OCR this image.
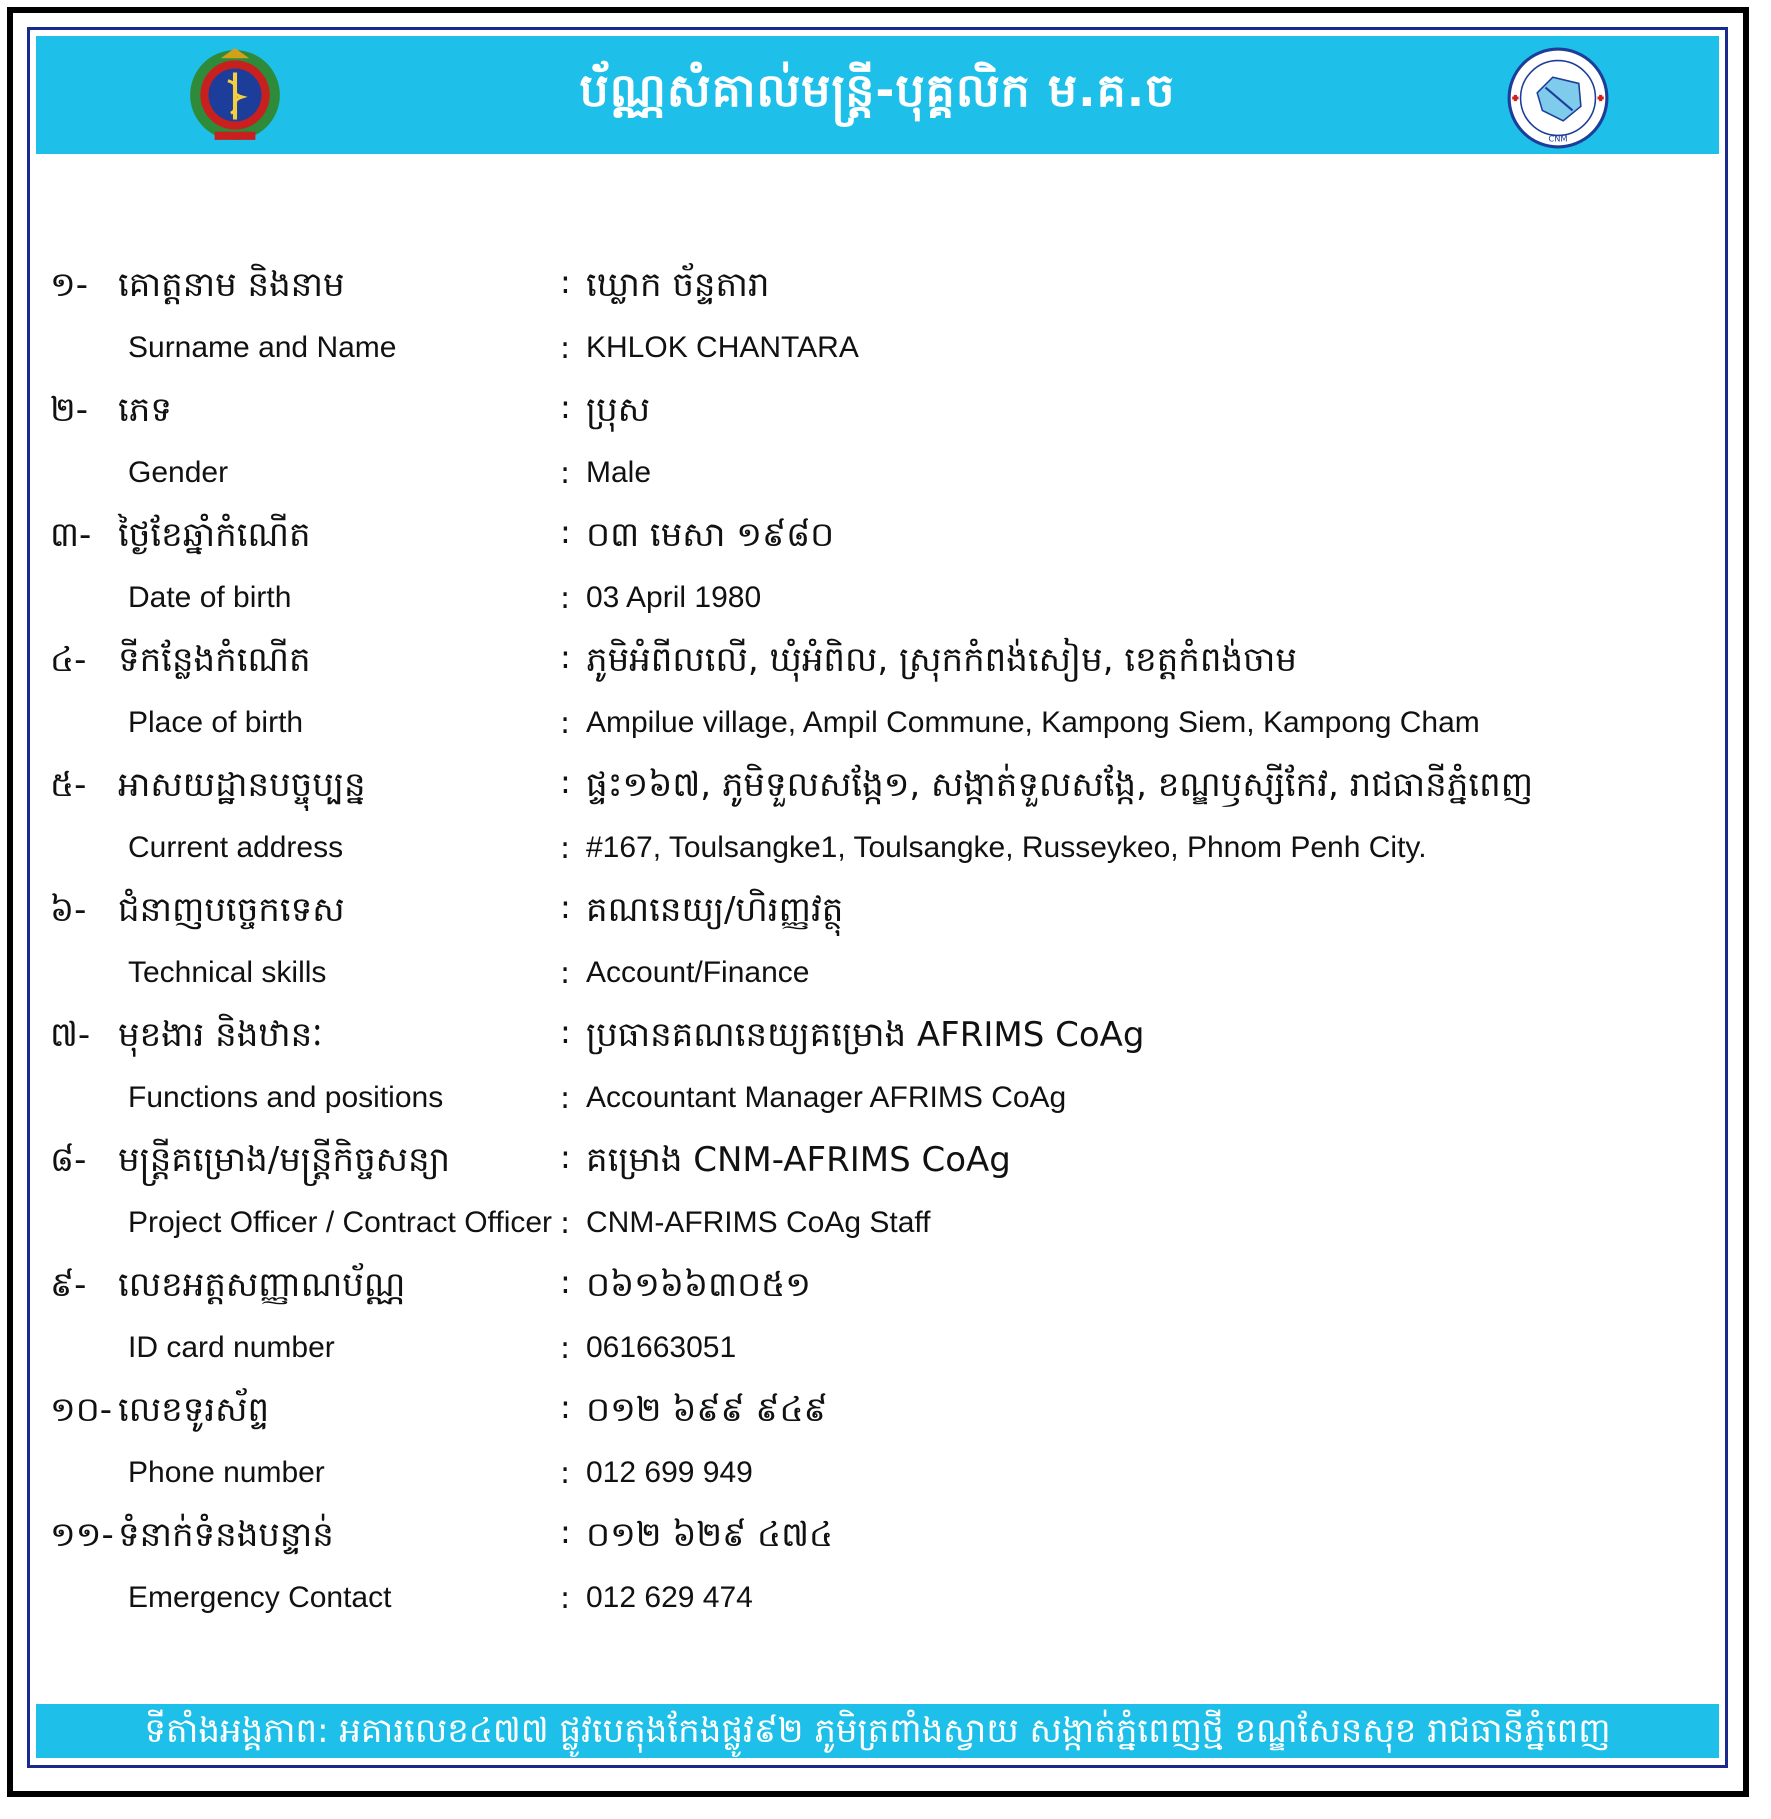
ប័ណ្ណសំគាល់មន្ត្រី-បុគ្គលិក ម.គ.ច
CNM
១- គោត្តនាម និងនាម	: ឃ្លោក ច័ន្ទតារា
Surname and Name	: KHLOK CHANTARA
២- ភេទ	: ប្រុស
Gender	: Male
៣- ថ្ងៃខែឆ្នាំកំណើត	: ០៣ មេសា ១៩៨០
Date of birth	: 03 April 1980
៤- ទីកន្លែងកំណើត	: ភូមិអំពីលលើ, ឃុំអំពិល, ស្រុកកំពង់សៀម, ខេត្តកំពង់ចាម
Place of birth	: Ampilue village, Ampil Commune, Kampong Siem, Kampong Cham
៥- អាសយដ្ឋានបច្ចុប្បន្ន	: ផ្ទះ១៦៧, ភូមិទួលសង្កែ១, សង្កាត់ទួលសង្កែ, ខណ្ឌឫស្សីកែវ, រាជធានីភ្នំពេញ
Current address	: #167, Toulsangke1, Toulsangke, Russeykeo, Phnom Penh City.
៦- ជំនាញបច្ចេកទេស	: គណនេយ្យ/ហិរញ្ញវត្ថុ
Technical skills	: Account/Finance
៧- មុខងារ និងឋានៈ	: ប្រធានគណនេយ្យគម្រោង AFRIMS CoAg
Functions and positions	: Accountant Manager AFRIMS CoAg
៨- មន្ត្រីគម្រោង/មន្ត្រីកិច្ចសន្យា	: គម្រោង CNM-AFRIMS CoAg
Project Officer / Contract Officer : CNM-AFRIMS CoAg Staff
៩- លេខអត្តសញ្ញាណប័ណ្ណ	: ០៦១៦៦៣០៥១
ID card number	: 061663051
១០- លេខទូរស័ព្ទ	: ០១២ ៦៩៩ ៩៤៩
Phone number	: 012 699 949
១១- ទំនាក់ទំនងបន្ទាន់	: ០១២ ៦២៩ ៤៧៤
Emergency Contact	: 012 629 474
ទីតាំងអង្គភាព: អគារលេខ៤៧៧ ផ្លូវបេតុងកែងផ្លូវ៩២ ភូមិត្រពាំងស្វាយ សង្កាត់ភ្នំពេញថ្មី ខណ្ឌសែនសុខ រាជធានីភ្នំពេញ
